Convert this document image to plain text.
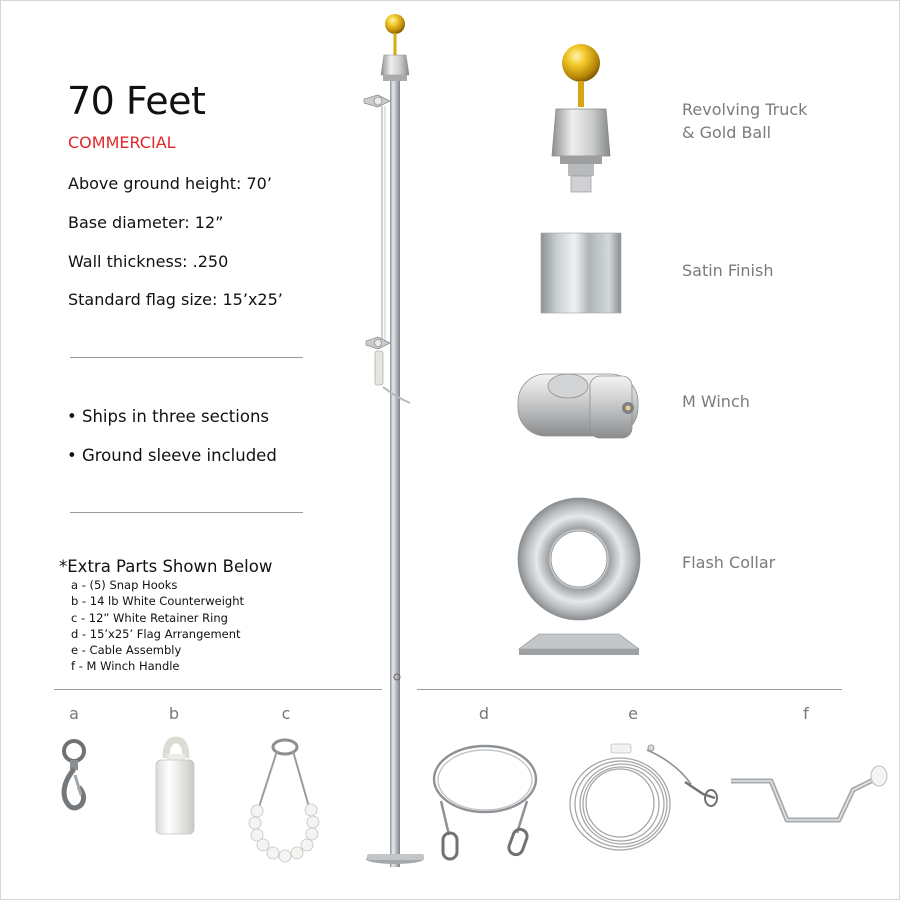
70 Feet
COMMERCIAL
Above ground height: 70’
Wall thickness: .250
Base diameter: 12”
Standard flag size: 15’x25’
• Ships in three sections
• Ground sleeve included
*Extra Parts Shown Below
a - (5) Snap Hooks
b - 14 lb White Counterweight
c - 12” White Retainer Ring
d - 15’x25’ Flag Arrangement
e - Cable Assembly
f - M Winch Handle
Revolving Truck
& Gold Ball
Satin Finish
M Winch
Flash Collar
a	b	c	d	e	f
